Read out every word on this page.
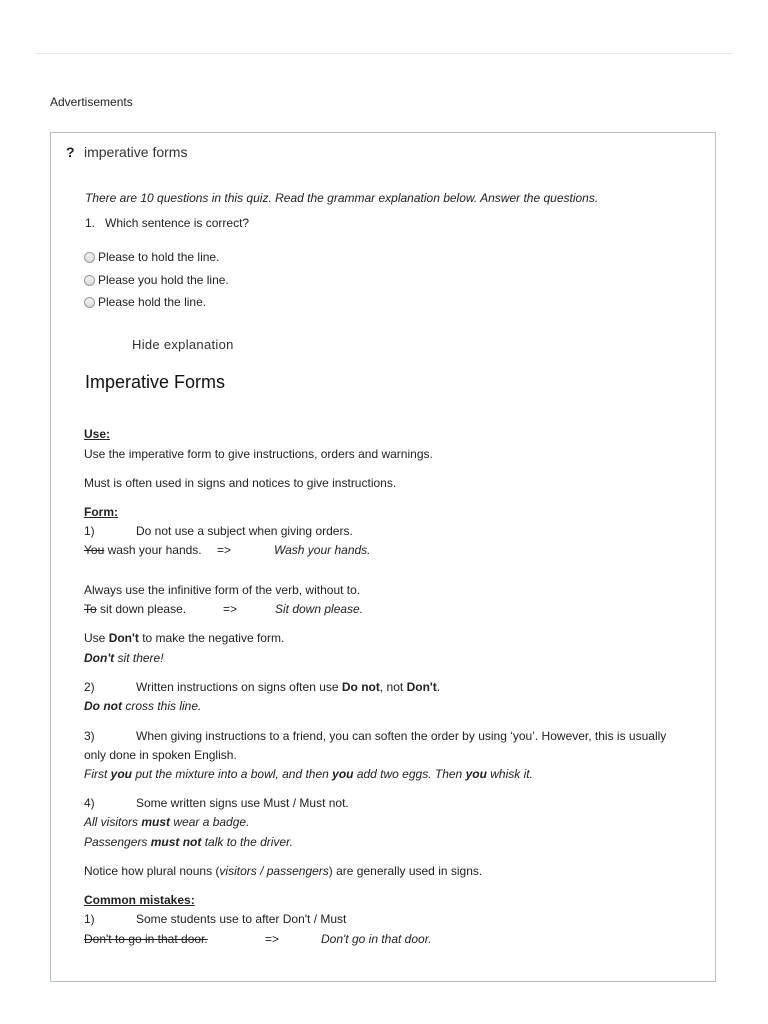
Advertisements
? imperative forms
There are 10 questions in this quiz. Read the grammar explanation below. Answer the questions.
1. Which sentence is correct?
Please to hold the line.
Please you hold the line.
Please hold the line.
Hide explanation
Imperative Forms
Use:
Use the imperative form to give instructions, orders and warnings.
Must is often used in signs and notices to give instructions.
Form:
1)	Do not use a subject when giving orders.
You wash your hands. =>	Wash your hands.
Always use the infinitive form of the verb, without to.
To sit down please.	=>	Sit down please.
Use Don't to make the negative form.
Don't sit there!
2)	Written instructions on signs often use Do not, not Don't.
Do not cross this line.
3)	When giving instructions to a friend, you can soften the order by using ‘you’. However, this is usually
only done in spoken English.
First you put the mixture into a bowl, and then you add two eggs. Then you whisk it.
4)	Some written signs use Must / Must not.
All visitors must wear a badge.
Passengers must not talk to the driver.
Notice how plural nouns (visitors / passengers) are generally used in signs.
Common mistakes:
1)	Some students use to after Don't / Must
Don't to go in that door.	=>	Don't go in that door.
